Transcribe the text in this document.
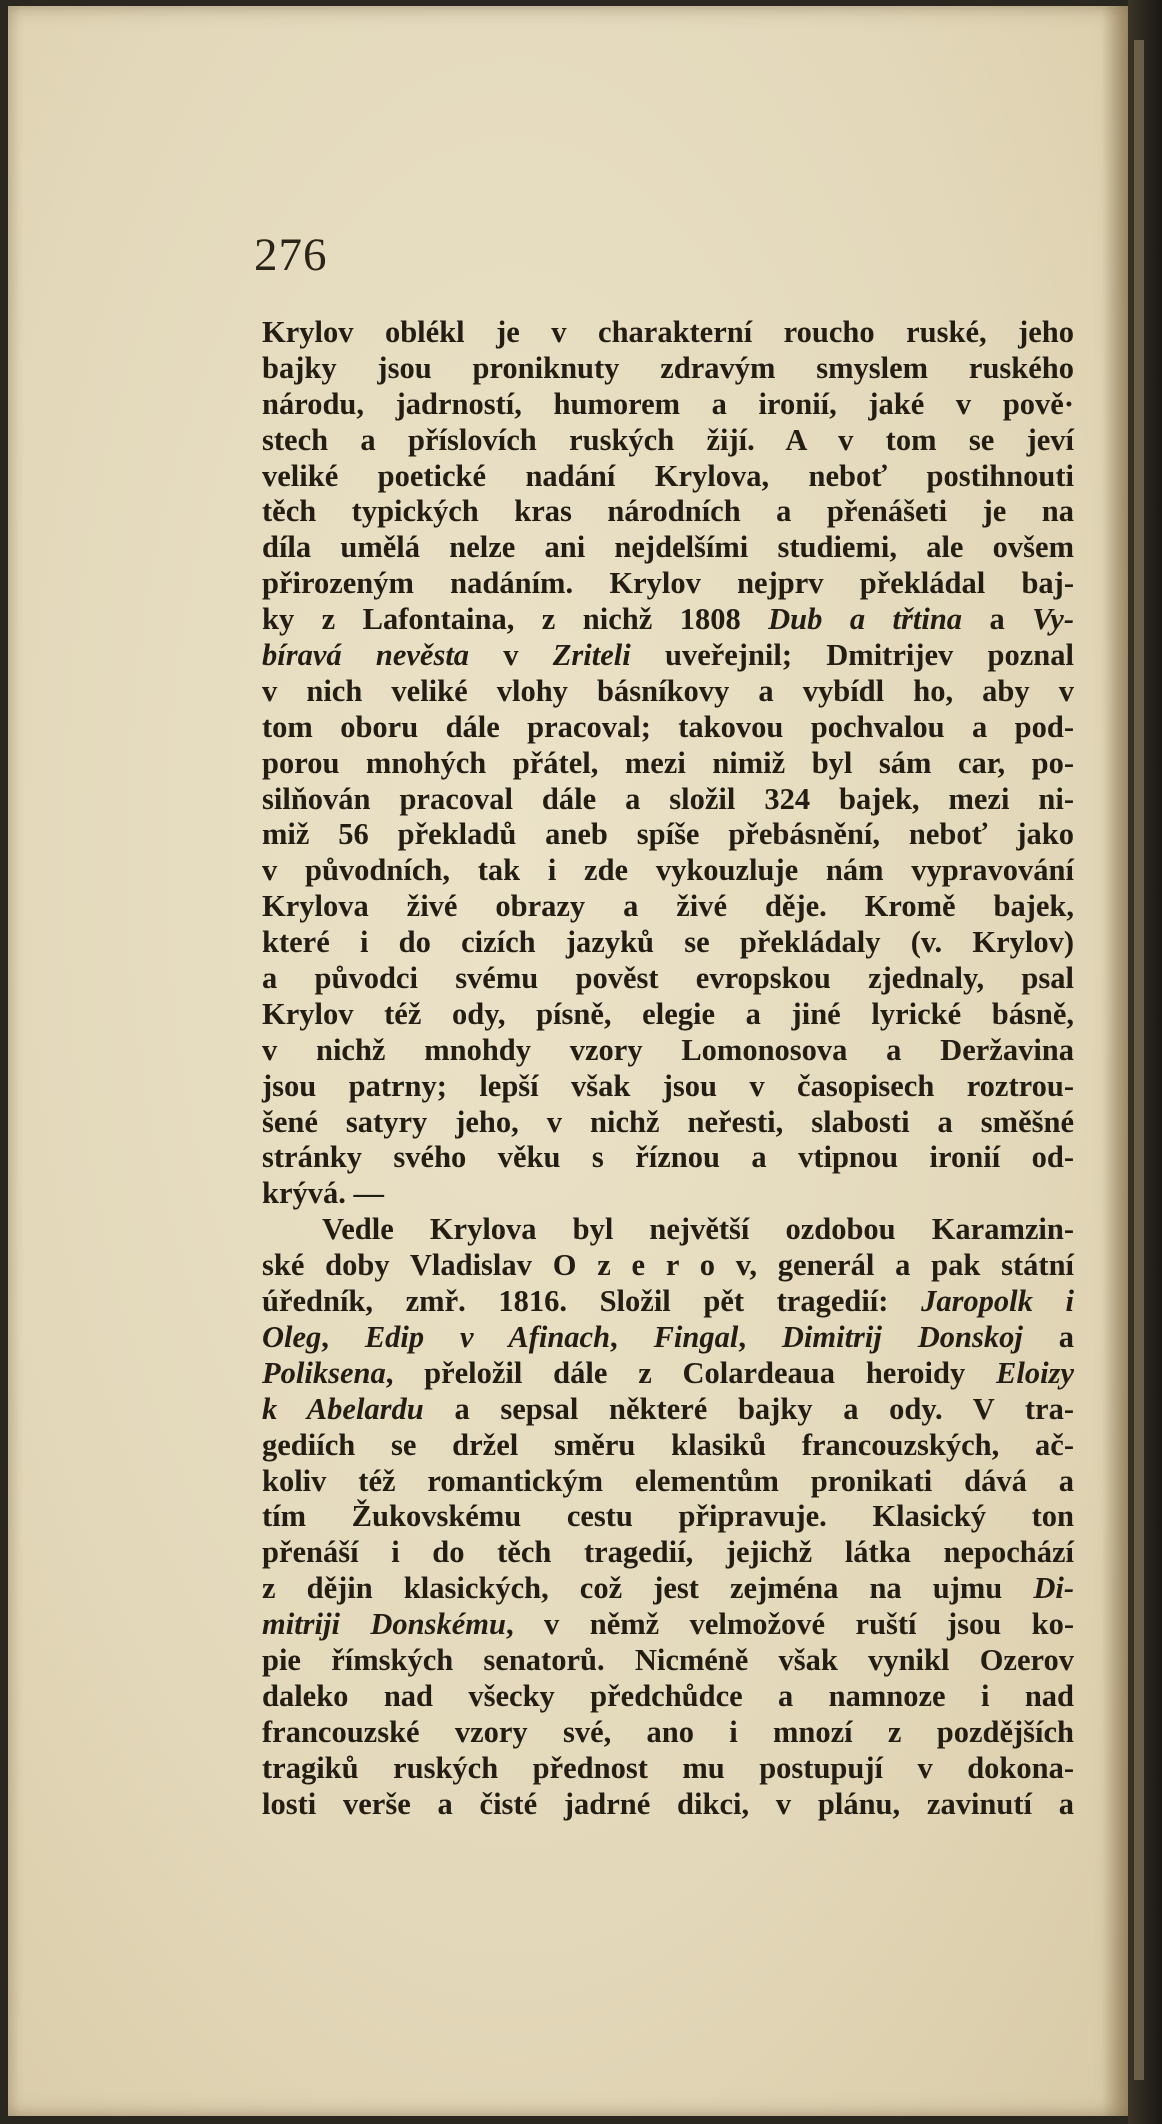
276
Krylov oblékl je v charakterní roucho ruské, jeho
bajky jsou proniknuty zdravým smyslem ruského
národu, jadrností, humorem a ironií, jaké v pově·
stech a příslovích ruských žijí. A v tom se jeví
veliké poetické nadání Krylova, neboť postihnouti
těch typických kras národních a přenášeti je na
díla umělá nelze ani nejdelšími studiemi, ale ovšem
přirozeným nadáním. Krylov nejprv překládal baj-
ky z Lafontaina, z nichž 1808 Dub a třtina a Vy-
bíravá nevěsta v Zriteli uveřejnil; Dmitrijev poznal
v nich veliké vlohy básníkovy a vybídl ho, aby v
tom oboru dále pracoval; takovou pochvalou a pod-
porou mnohých přátel, mezi nimiž byl sám car, po-
silňován pracoval dále a složil 324 bajek, mezi ni-
miž 56 překladů aneb spíše přebásnění, neboť jako
v původních, tak i zde vykouzluje nám vypravování
Krylova živé obrazy a živé děje. Kromě bajek,
které i do cizích jazyků se překládaly (v. Krylov)
a původci svému pověst evropskou zjednaly, psal
Krylov též ody, písně, elegie a jiné lyrické básně,
v nichž mnohdy vzory Lomonosova a Deržavina
jsou patrny; lepší však jsou v časopisech roztrou-
šené satyry jeho, v nichž neřesti, slabosti a směšné
stránky svého věku s říznou a vtipnou ironií od-
krývá. —
Vedle Krylova byl největší ozdobou Karamzin-
ské doby Vladislav O z e r o v, generál a pak státní
úředník, zmř. 1816. Složil pět tragedií: Jaropolk i
Oleg, Edip v Afinach, Fingal, Dimitrij Donskoj a
Poliksena, přeložil dále z Colardeaua heroidy Eloizy
k Abelardu a sepsal některé bajky a ody. V tra-
gediích se držel směru klasiků francouzských, ač-
koliv též romantickým elementům pronikati dává a
tím Žukovskému cestu připravuje. Klasický ton
přenáší i do těch tragedií, jejichž látka nepochází
z dějin klasických, což jest zejména na ujmu Di-
mitriji Donskému, v němž velmožové ruští jsou ko-
pie římských senatorů. Nicméně však vynikl Ozerov
daleko nad všecky předchůdce a namnoze i nad
francouzské vzory své, ano i mnozí z pozdějších
tragiků ruských přednost mu postupují v dokona-
losti verše a čisté jadrné dikci, v plánu, zavinutí a
